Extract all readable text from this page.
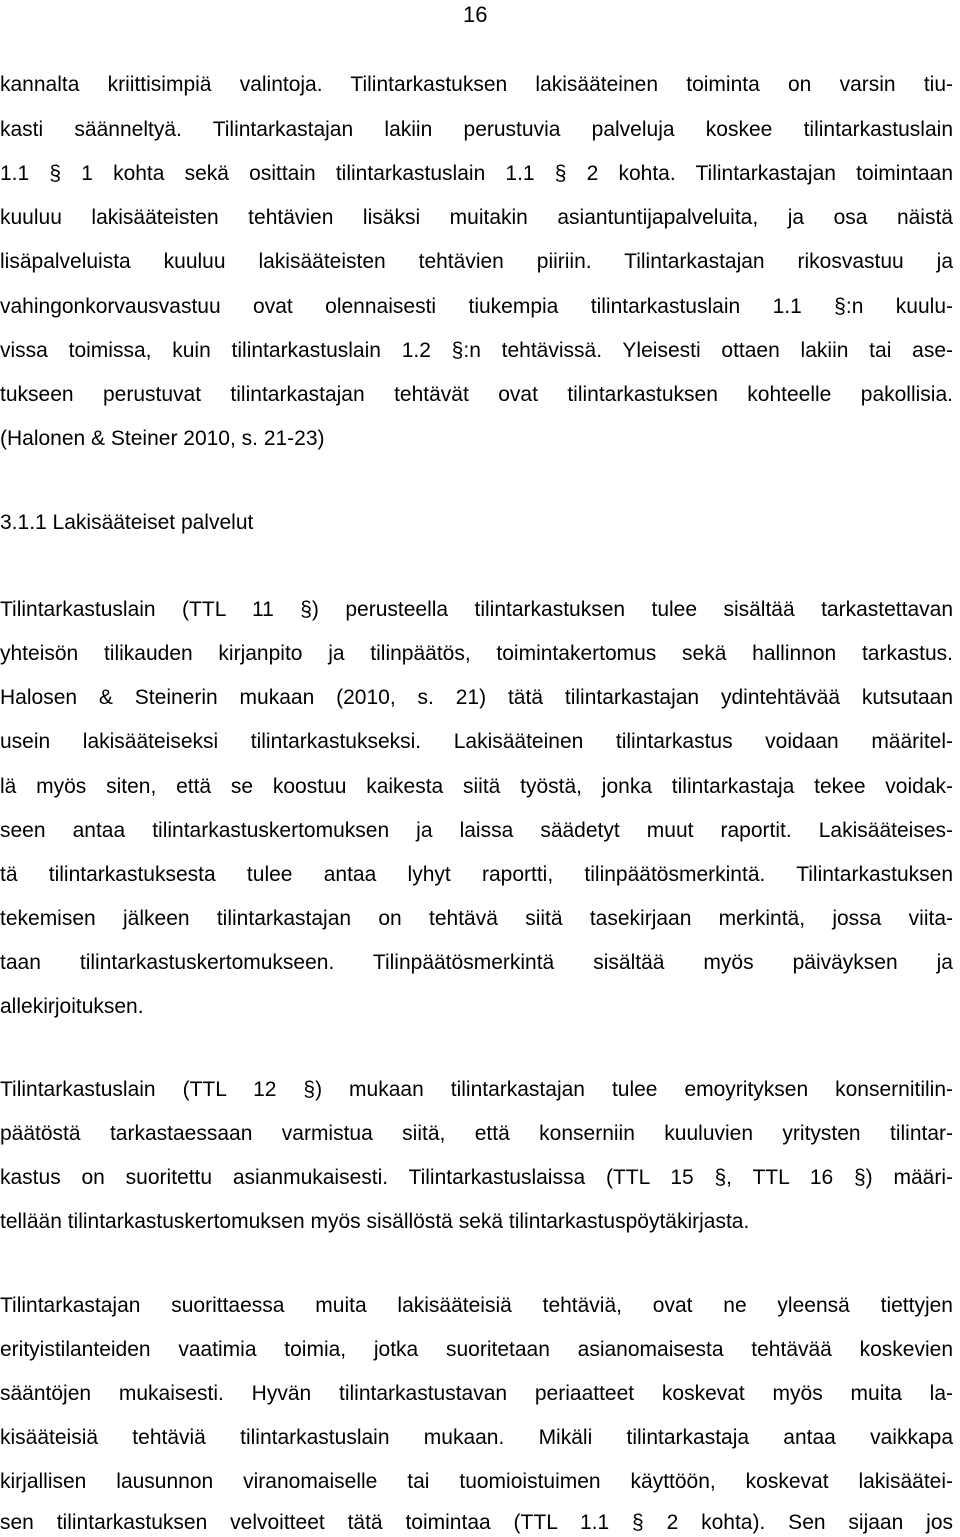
16
kannalta kriittisimpiä valintoja. Tilintarkastuksen lakisääteinen toiminta on varsin tiu-
kasti säänneltyä. Tilintarkastajan lakiin perustuvia palveluja koskee tilintarkastuslain
1.1 § 1 kohta sekä osittain tilintarkastuslain 1.1 § 2 kohta. Tilintarkastajan toimintaan
kuuluu lakisääteisten tehtävien lisäksi muitakin asiantuntijapalveluita, ja osa näistä
lisäpalveluista kuuluu lakisääteisten tehtävien piiriin. Tilintarkastajan rikosvastuu ja
vahingonkorvausvastuu ovat olennaisesti tiukempia tilintarkastuslain 1.1 §:n kuulu-
vissa toimissa, kuin tilintarkastuslain 1.2 §:n tehtävissä. Yleisesti ottaen lakiin tai ase-
tukseen perustuvat tilintarkastajan tehtävät ovat tilintarkastuksen kohteelle pakollisia.
(Halonen & Steiner 2010, s. 21-23)
3.1.1 Lakisääteiset palvelut
Tilintarkastuslain (TTL 11 §) perusteella tilintarkastuksen tulee sisältää tarkastettavan
yhteisön tilikauden kirjanpito ja tilinpäätös, toimintakertomus sekä hallinnon tarkastus.
Halosen & Steinerin mukaan (2010, s. 21) tätä tilintarkastajan ydintehtävää kutsutaan
usein lakisääteiseksi tilintarkastukseksi. Lakisääteinen tilintarkastus voidaan määritel-
lä myös siten, että se koostuu kaikesta siitä työstä, jonka tilintarkastaja tekee voidak-
seen antaa tilintarkastuskertomuksen ja laissa säädetyt muut raportit. Lakisääteises-
tä tilintarkastuksesta tulee antaa lyhyt raportti, tilinpäätösmerkintä. Tilintarkastuksen
tekemisen jälkeen tilintarkastajan on tehtävä siitä tasekirjaan merkintä, jossa viita-
taan tilintarkastuskertomukseen. Tilinpäätösmerkintä sisältää myös päiväyksen ja
allekirjoituksen.
Tilintarkastuslain (TTL 12 §) mukaan tilintarkastajan tulee emoyrityksen konsernitilin-
päätöstä tarkastaessaan varmistua siitä, että konserniin kuuluvien yritysten tilintar-
kastus on suoritettu asianmukaisesti. Tilintarkastuslaissa (TTL 15 §, TTL 16 §) määri-
tellään tilintarkastuskertomuksen myös sisällöstä sekä tilintarkastuspöytäkirjasta.
Tilintarkastajan suorittaessa muita lakisääteisiä tehtäviä, ovat ne yleensä tiettyjen
erityistilanteiden vaatimia toimia, jotka suoritetaan asianomaisesta tehtävää koskevien
sääntöjen mukaisesti. Hyvän tilintarkastustavan periaatteet koskevat myös muita la-
kisääteisiä tehtäviä tilintarkastuslain mukaan. Mikäli tilintarkastaja antaa vaikkapa
kirjallisen lausunnon viranomaiselle tai tuomioistuimen käyttöön, koskevat lakisäätei-
sen tilintarkastuksen velvoitteet tätä toimintaa (TTL 1.1 § 2 kohta). Sen sijaan jos
